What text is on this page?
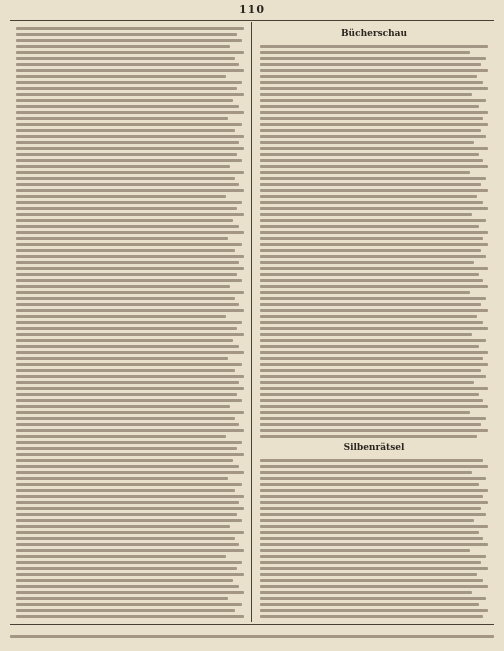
110
Bücherschau
Silbenrätsel
